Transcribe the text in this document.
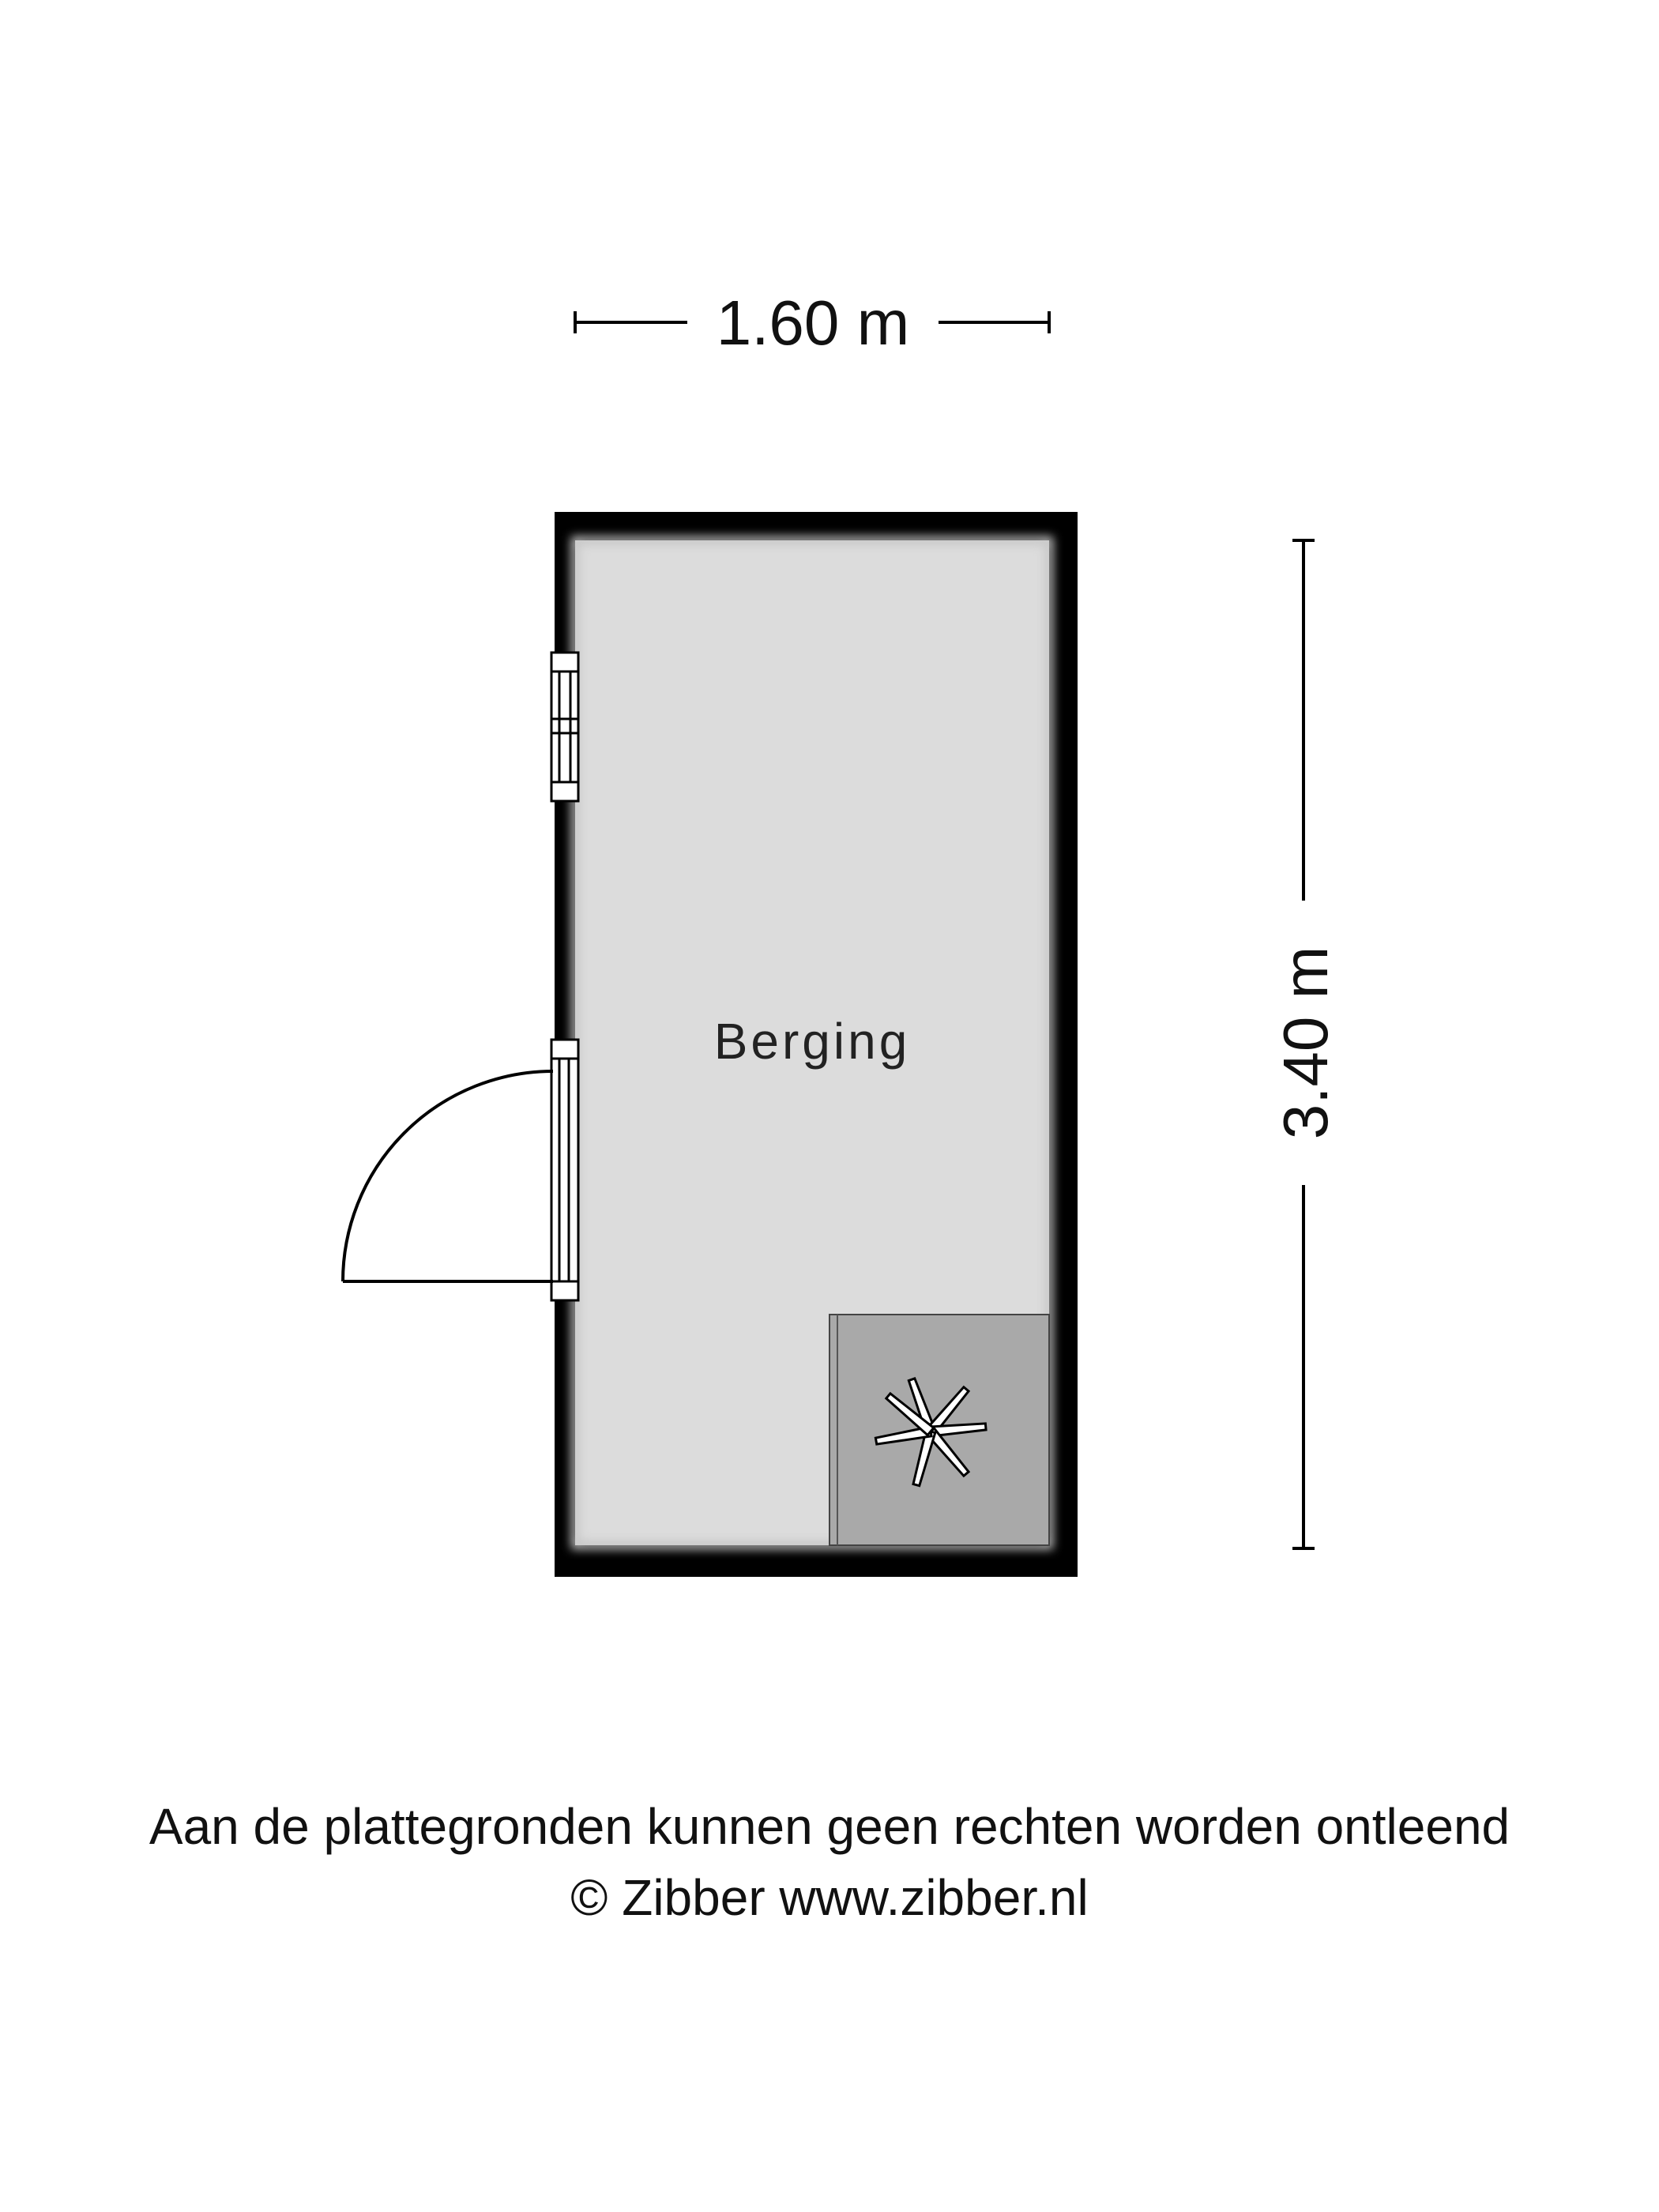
1.60 m
3.40 m
Berging
Aan de plattegronden kunnen geen rechten worden ontleend
© Zibber www.zibber.nl
